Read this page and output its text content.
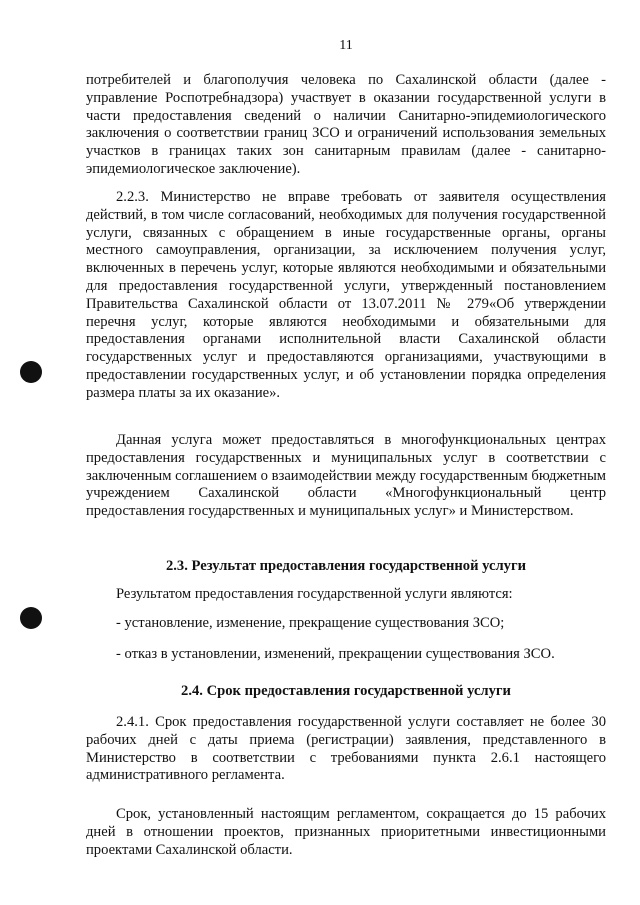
11

потребителей и благополучия человека по Сахалинской области (далее - управление Роспотребнадзора) участвует в оказании государственной услуги в части предоставления сведений о наличии Санитарно-эпидемиологического заключения о соответствии границ ЗСО и ограничений использования земельных участков в границах таких зон санитарным правилам (далее - санитарно-эпидемиологическое заключение).

2.2.3. Министерство не вправе требовать от заявителя осуществления действий, в том числе согласований, необходимых для получения государственной услуги, связанных с обращением в иные государственные органы, органы местного самоуправления, организации, за исключением получения услуг, включенных в перечень услуг, которые являются необходимыми и обязательными для предоставления государственной услуги, утвержденный постановлением Правительства Сахалинской области от 13.07.2011 № 279«Об утверждении перечня услуг, которые являются необходимыми и обязательными для предоставления органами исполнительной власти Сахалинской области государственных услуг и предоставляются организациями, участвующими в предоставлении государственных услуг, и об установлении порядка определения размера платы за их оказание».

Данная услуга может предоставляться в многофункциональных центрах предоставления государственных и муниципальных услуг в соответствии с заключенным соглашением о взаимодействии между государственным бюджетным учреждением Сахалинской области «Многофункциональный центр предоставления государственных и муниципальных услуг» и Министерством.

2.3. Результат предоставления государственной услуги

Результатом предоставления государственной услуги являются:

- установление, изменение, прекращение существования ЗСО;

- отказ в установлении, изменений, прекращении существования ЗСО.

2.4. Срок предоставления государственной услуги

2.4.1. Срок предоставления государственной услуги составляет не более 30 рабочих дней с даты приема (регистрации) заявления, представленного в Министерство в соответствии с требованиями пункта 2.6.1 настоящего административного регламента.

Срок, установленный настоящим регламентом, сокращается до 15 рабочих дней в отношении проектов, признанных приоритетными инвестиционными проектами Сахалинской области.
